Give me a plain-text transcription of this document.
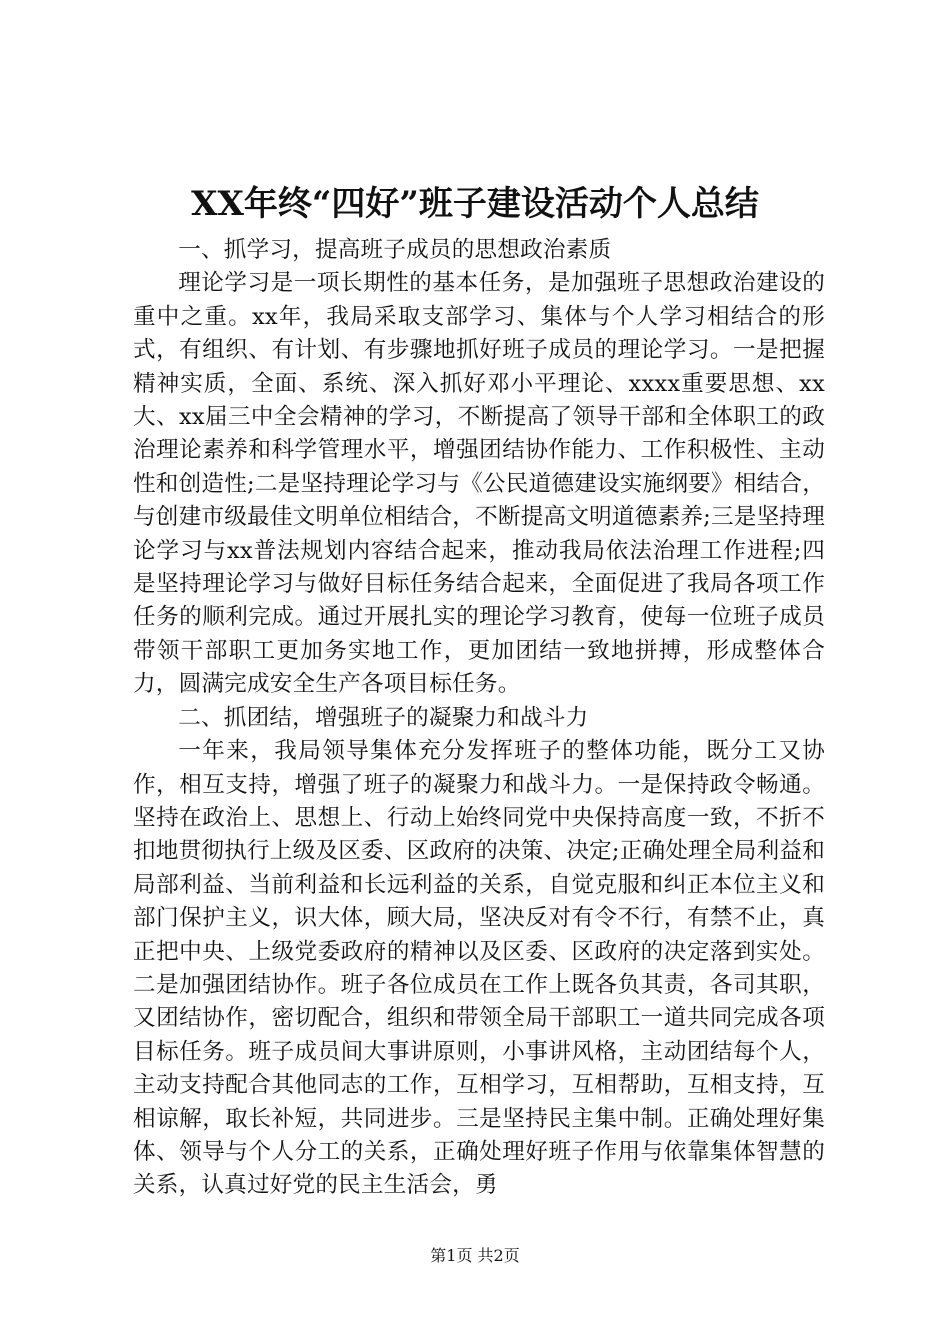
XX年终“四好”班子建设活动个人总结

一、抓学习，提高班子成员的思想政治素质

理论学习是一项长期性的基本任务，是加强班子思想政治建设的重中之重。xx年，我局采取支部学习、集体与个人学习相结合的形式，有组织、有计划、有步骤地抓好班子成员的理论学习。一是把握精神实质，全面、系统、深入抓好邓小平理论、xxxx重要思想、xx大、xx届三中全会精神的学习，不断提高了领导干部和全体职工的政治理论素养和科学管理水平，增强团结协作能力、工作积极性、主动性和创造性;二是坚持理论学习与《公民道德建设实施纲要》相结合，与创建市级最佳文明单位相结合，不断提高文明道德素养;三是坚持理论学习与xx普法规划内容结合起来，推动我局依法治理工作进程;四是坚持理论学习与做好目标任务结合起来，全面促进了我局各项工作任务的顺利完成。通过开展扎实的理论学习教育，使每一位班子成员带领干部职工更加务实地工作，更加团结一致地拼搏，形成整体合力，圆满完成安全生产各项目标任务。

二、抓团结，增强班子的凝聚力和战斗力

一年来，我局领导集体充分发挥班子的整体功能，既分工又协作，相互支持，增强了班子的凝聚力和战斗力。一是保持政令畅通。坚持在政治上、思想上、行动上始终同党中央保持高度一致，不折不扣地贯彻执行上级及区委、区政府的决策、决定;正确处理全局利益和局部利益、当前利益和长远利益的关系，自觉克服和纠正本位主义和部门保护主义，识大体，顾大局，坚决反对有令不行，有禁不止，真正把中央、上级党委政府的精神以及区委、区政府的决定落到实处。二是加强团结协作。班子各位成员在工作上既各负其责，各司其职，又团结协作，密切配合，组织和带领全局干部职工一道共同完成各项目标任务。班子成员间大事讲原则，小事讲风格，主动团结每个人，主动支持配合其他同志的工作，互相学习，互相帮助，互相支持，互相谅解，取长补短，共同进步。三是坚持民主集中制。正确处理好集体、领导与个人分工的关系，正确处理好班子作用与依靠集体智慧的关系，认真过好党的民主生活会，勇

第1页 共2页
